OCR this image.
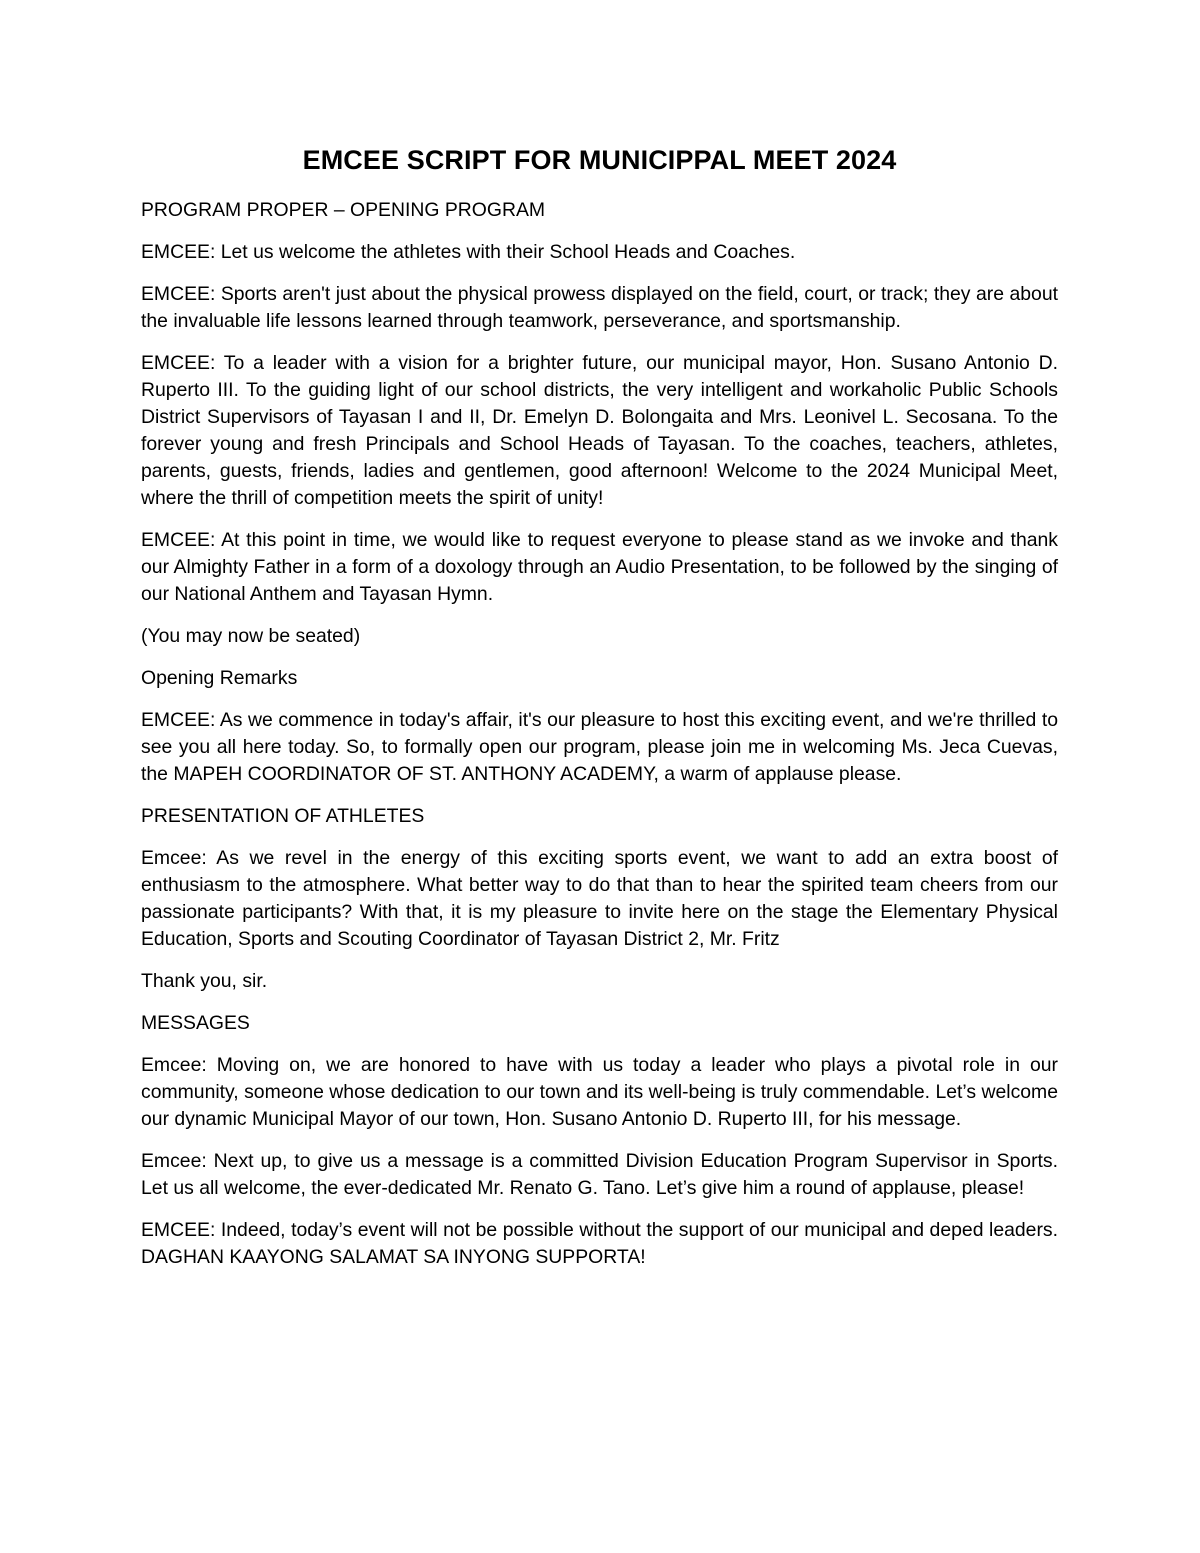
EMCEE SCRIPT FOR MUNICIPPAL MEET 2024

PROGRAM PROPER – OPENING PROGRAM

EMCEE: Let us welcome the athletes with their School Heads and Coaches.

EMCEE: Sports aren't just about the physical prowess displayed on the field, court, or track; they are about the invaluable life lessons learned through teamwork, perseverance, and sportsmanship.

EMCEE: To a leader with a vision for a brighter future, our municipal mayor, Hon. Susano Antonio D. Ruperto III. To the guiding light of our school districts, the very intelligent and workaholic Public Schools District Supervisors of Tayasan I and II, Dr. Emelyn D. Bolongaita and Mrs. Leonivel L. Secosana. To the forever young and fresh Principals and School Heads of Tayasan. To the coaches, teachers, athletes, parents, guests, friends, ladies and gentlemen, good afternoon! Welcome to the 2024 Municipal Meet, where the thrill of competition meets the spirit of unity!

EMCEE: At this point in time, we would like to request everyone to please stand as we invoke and thank our Almighty Father in a form of a doxology through an Audio Presentation, to be followed by the singing of our National Anthem and Tayasan Hymn.

(You may now be seated)

Opening Remarks

EMCEE: As we commence in today's affair, it's our pleasure to host this exciting event, and we're thrilled to see you all here today. So, to formally open our program, please join me in welcoming Ms. Jeca Cuevas, the MAPEH COORDINATOR OF ST. ANTHONY ACADEMY, a warm of applause please.

PRESENTATION OF ATHLETES

Emcee: As we revel in the energy of this exciting sports event, we want to add an extra boost of enthusiasm to the atmosphere. What better way to do that than to hear the spirited team cheers from our passionate participants? With that, it is my pleasure to invite here on the stage the Elementary Physical Education, Sports and Scouting Coordinator of Tayasan District 2, Mr. Fritz

Thank you, sir.

MESSAGES

Emcee: Moving on, we are honored to have with us today a leader who plays a pivotal role in our community, someone whose dedication to our town and its well-being is truly commendable. Let’s welcome our dynamic Municipal Mayor of our town, Hon. Susano Antonio D. Ruperto III, for his message.

Emcee: Next up, to give us a message is a committed Division Education Program Supervisor in Sports. Let us all welcome, the ever-dedicated Mr. Renato G. Tano. Let’s give him a round of applause, please!

EMCEE: Indeed, today’s event will not be possible without the support of our municipal and deped leaders. DAGHAN KAAYONG SALAMAT SA INYONG SUPPORTA!
